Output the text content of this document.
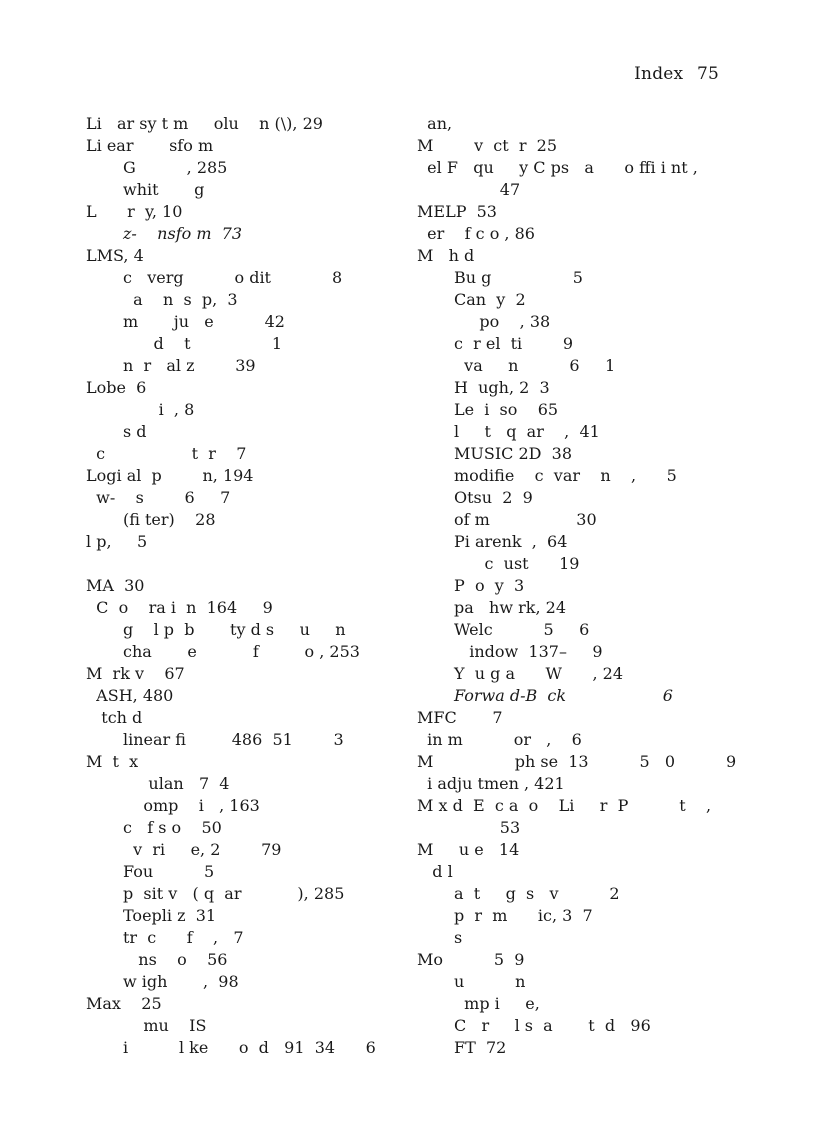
Index 75
Li   ar sy t m     olu    n (\), 29
Li ear       sfo m
G          , 285
whit       g
L      r  y, 10
z-    nsfo m  73
LMS, 4
c   verg          o dit            8
a    n  s  p,  3
m       ju   e          42
d    t                1
n  r   al z        39
Lobe  6
i  , 8
s d
c                 t  r    7
Logi al  p        n, 194
w-    s        6     7
(fi ter)    28
l p,     5
MA  30
C  o    ra i  n  164     9
g    l p  b       ty d s     u     n
cha       e           f         o , 253
M  rk v    67
ASH, 480
tch d
linear fi         486  51        3
M  t  x
ulan   7  4
omp    i   , 163
c   f s o    50
v  ri     e, 2        79
Fou          5
p  sit v   ( q  ar           ), 285
Toepli z  31
tr  c      f    ,   7
ns    o    56
w igh       ,  98
Max    25
mu    IS
i          l ke      o  d   91  34      6
an,
M        v  ct  r  25
el F   qu     y C ps   a      o ffi i nt ,
47
MELP  53
er    f c o , 86
M   h d
Bu g                5
Can  y  2
po    , 38
c  r el  ti        9
va     n          6     1
H  ugh, 2  3
Le  i  so    65
l     t   q  ar    ,  41
MUSIC 2D  38
modifie    c  var    n    ,      5
Otsu  2  9
of m                 30
Pi arenk  ,  64
c  ust      19
P  o  y  3
pa   hw rk, 24
Welc          5     6
indow  137–     9
Y  u g a      W      , 24
Forwa d-B  ck                   6
MFC       7
in m          or   ,    6
M                ph se  13          5   0          9
i adju tmen , 421
M x d  E  c a  o    Li     r  P          t    ,
53
M     u e   14
d l
a  t     g  s   v          2
p  r  m      ic, 3  7
s
Mo          5  9
u          n
mp i     e,
C   r     l s  a       t  d   96
FT  72
